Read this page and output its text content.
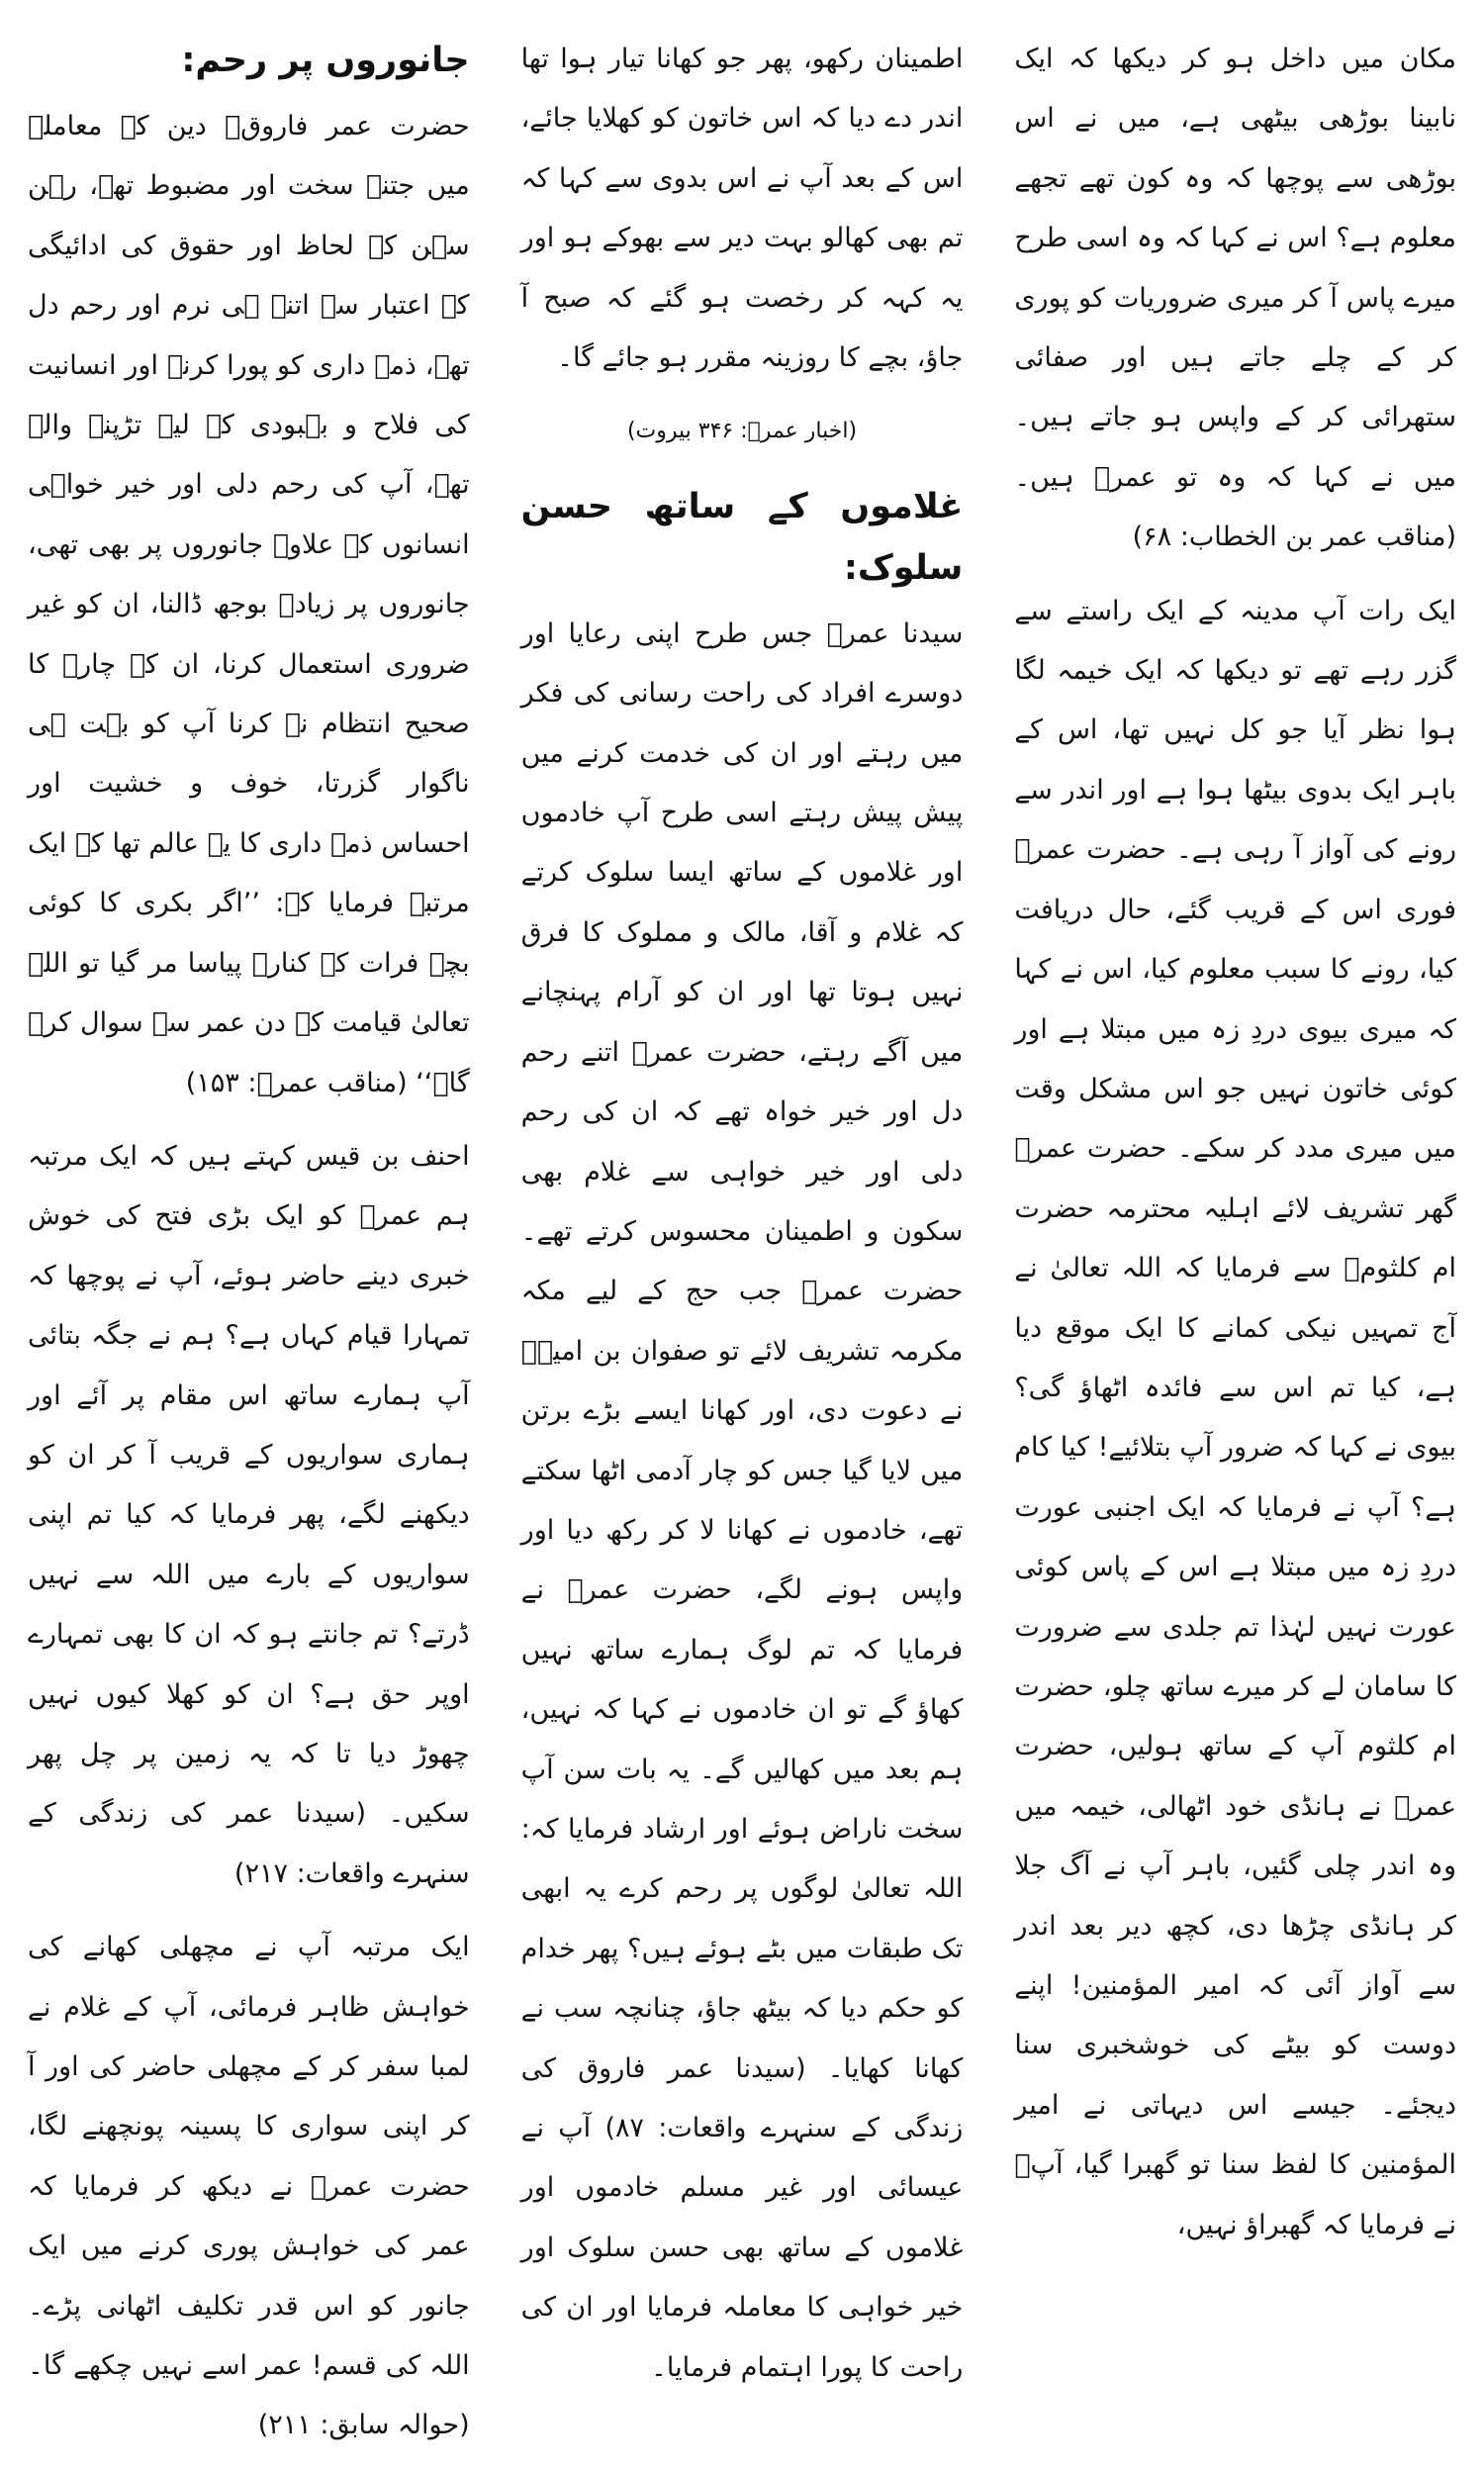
مکان میں داخل ہو کر دیکھا کہ ایک نابینا بوڑھی بیٹھی ہے، میں نے اس بوڑھی سے پوچھا کہ وہ کون تھے تجھے معلوم ہے؟ اس نے کہا کہ وہ اسی طرح میرے پاس آ کر میری ضروریات کو پوری کر کے چلے جاتے ہیں اور صفائی ستھرائی کر کے واپس ہو جاتے ہیں۔ میں نے کہا کہ وہ تو عمرؓ ہیں۔ (مناقب عمر بن الخطاب: ۶۸)

ایک رات آپ مدینہ کے ایک راستے سے گزر رہے تھے تو دیکھا کہ ایک خیمہ لگا ہوا نظر آیا جو کل نہیں تھا، اس کے باہر ایک بدوی بیٹھا ہوا ہے اور اندر سے رونے کی آواز آ رہی ہے۔ حضرت عمرؓ فوری اس کے قریب گئے، حال دریافت کیا، رونے کا سبب معلوم کیا، اس نے کہا کہ میری بیوی دردِ زہ میں مبتلا ہے اور کوئی خاتون نہیں جو اس مشکل وقت میں میری مدد کر سکے۔ حضرت عمرؓ گھر تشریف لائے اہلیہ محترمہ حضرت ام کلثومؓ سے فرمایا کہ اللہ تعالیٰ نے آج تمہیں نیکی کمانے کا ایک موقع دیا ہے، کیا تم اس سے فائدہ اٹھاؤ گی؟ بیوی نے کہا کہ ضرور آپ بتلائیے! کیا کام ہے؟ آپ نے فرمایا کہ ایک اجنبی عورت دردِ زہ میں مبتلا ہے اس کے پاس کوئی عورت نہیں لہٰذا تم جلدی سے ضرورت کا سامان لے کر میرے ساتھ چلو، حضرت ام کلثوم آپ کے ساتھ ہولیں، حضرت عمرؓ نے ہانڈی خود اٹھالی، خیمہ میں وہ اندر چلی گئیں، باہر آپ نے آگ جلا کر ہانڈی چڑھا دی، کچھ دیر بعد اندر سے آواز آئی کہ امیر المؤمنین! اپنے دوست کو بیٹے کی خوشخبری سنا دیجئے۔ جیسے اس دیہاتی نے امیر المؤمنین کا لفظ سنا تو گھبرا گیا، آپؓ نے فرمایا کہ گھبراؤ نہیں،

اطمینان رکھو، پھر جو کھانا تیار ہوا تھا اندر دے دیا کہ اس خاتون کو کھلایا جائے، اس کے بعد آپ نے اس بدوی سے کہا کہ تم بھی کھالو بہت دیر سے بھوکے ہو اور یہ کہہ کر رخصت ہو گئے کہ صبح آ جاؤ، بچے کا روزینہ مقرر ہو جائے گا۔

(اخبار عمرؓ: ۳۴۶ بیروت)

غلاموں کے ساتھ حسن سلوک:

سیدنا عمرؓ جس طرح اپنی رعایا اور دوسرے افراد کی راحت رسانی کی فکر میں رہتے اور ان کی خدمت کرنے میں پیش پیش رہتے اسی طرح آپ خادموں اور غلاموں کے ساتھ ایسا سلوک کرتے کہ غلام و آقا، مالک و مملوک کا فرق نہیں ہوتا تھا اور ان کو آرام پہنچانے میں آگے رہتے، حضرت عمرؓ اتنے رحم دل اور خیر خواہ تھے کہ ان کی رحم دلی اور خیر خواہی سے غلام بھی سکون و اطمینان محسوس کرتے تھے۔ حضرت عمرؓ جب حج کے لیے مکہ مکرمہ تشریف لائے تو صفوان بن امیہؓ نے دعوت دی، اور کھانا ایسے بڑے برتن میں لایا گیا جس کو چار آدمی اٹھا سکتے تھے، خادموں نے کھانا لا کر رکھ دیا اور واپس ہونے لگے، حضرت عمرؓ نے فرمایا کہ تم لوگ ہمارے ساتھ نہیں کھاؤ گے تو ان خادموں نے کہا کہ نہیں، ہم بعد میں کھالیں گے۔ یہ بات سن آپ سخت ناراض ہوئے اور ارشاد فرمایا کہ: اللہ تعالیٰ لوگوں پر رحم کرے یہ ابھی تک طبقات میں بٹے ہوئے ہیں؟ پھر خدام کو حکم دیا کہ بیٹھ جاؤ، چنانچہ سب نے کھانا کھایا۔ (سیدنا عمر فاروق کی زندگی کے سنہرے واقعات: ۸۷) آپ نے عیسائی اور غیر مسلم خادموں اور غلاموں کے ساتھ بھی حسن سلوک اور خیر خواہی کا معاملہ فرمایا اور ان کی راحت کا پورا اہتمام فرمایا۔

جانوروں پر رحم:

حضرت عمر فاروقؓ دین کے معاملہ میں جتنے سخت اور مضبوط تھے، رہن سہن کے لحاظ اور حقوق کی ادائیگی کے اعتبار سے اتنے ہی نرم اور رحم دل تھے، ذمہ داری کو پورا کرنے اور انسانیت کی فلاح و بہبودی کے لیے تڑپنے والے تھے، آپ کی رحم دلی اور خیر خواہی انسانوں کے علاوہ جانوروں پر بھی تھی، جانوروں پر زیادہ بوجھ ڈالنا، ان کو غیر ضروری استعمال کرنا، ان کے چارہ کا صحیح انتظام نہ کرنا آپ کو بہت ہی ناگوار گزرتا، خوف و خشیت اور احساس ذمہ داری کا یہ عالم تھا کہ ایک مرتبہ فرمایا کہ: ’’اگر بکری کا کوئی بچہ فرات کے کنارے پیاسا مر گیا تو اللہ تعالیٰ قیامت کے دن عمر سے سوال کرے گا۔‘‘ (مناقب عمرؓ: ۱۵۳)

احنف بن قیس کہتے ہیں کہ ایک مرتبہ ہم عمرؓ کو ایک بڑی فتح کی خوش خبری دینے حاضر ہوئے، آپ نے پوچھا کہ تمہارا قیام کہاں ہے؟ ہم نے جگہ بتائی آپ ہمارے ساتھ اس مقام پر آئے اور ہماری سواریوں کے قریب آ کر ان کو دیکھنے لگے، پھر فرمایا کہ کیا تم اپنی سواریوں کے بارے میں اللہ سے نہیں ڈرتے؟ تم جانتے ہو کہ ان کا بھی تمہارے اوپر حق ہے؟ ان کو کھلا کیوں نہیں چھوڑ دیا تا کہ یہ زمین پر چل پھر سکیں۔ (سیدنا عمر کی زندگی کے سنہرے واقعات: ۲۱۷)

ایک مرتبہ آپ نے مچھلی کھانے کی خواہش ظاہر فرمائی، آپ کے غلام نے لمبا سفر کر کے مچھلی حاضر کی اور آ کر اپنی سواری کا پسینہ پونچھنے لگا، حضرت عمرؓ نے دیکھ کر فرمایا کہ عمر کی خواہش پوری کرنے میں ایک جانور کو اس قدر تکلیف اٹھانی پڑے۔ اللہ کی قسم! عمر اسے نہیں چکھے گا۔ (حوالہ سابق: ۲۱۱)
